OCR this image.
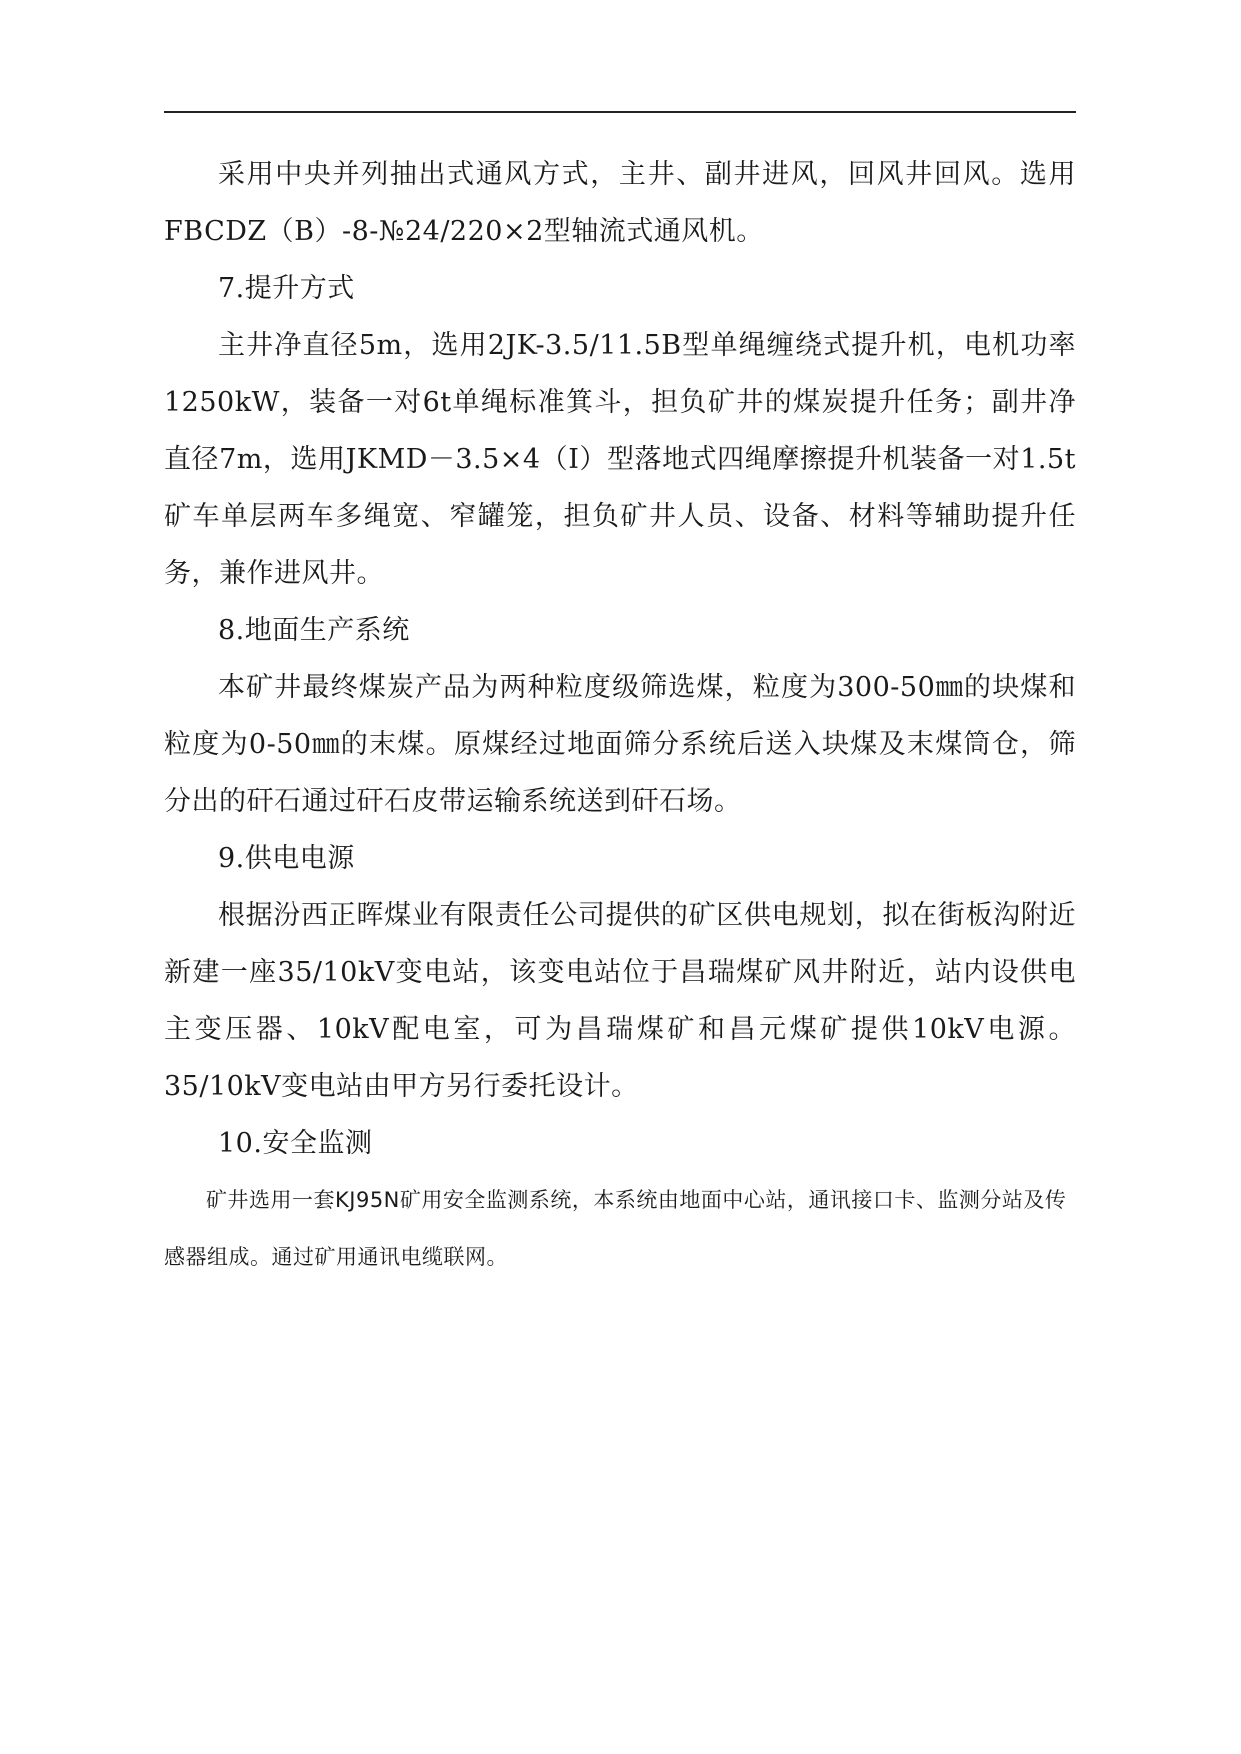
采用中央并列抽出式通风方式，主井、副井进风，回风井回风。选用FBCDZ（B）-8-№24/220×2型轴流式通风机。

7.提升方式

主井净直径5m，选用2JK-3.5/11.5B型单绳缠绕式提升机，电机功率1250kW，装备一对6t单绳标准箕斗，担负矿井的煤炭提升任务；副井净直径7m，选用JKMD－3.5×4（I）型落地式四绳摩擦提升机装备一对1.5t矿车单层两车多绳宽、窄罐笼，担负矿井人员、设备、材料等辅助提升任务，兼作进风井。

8.地面生产系统

本矿井最终煤炭产品为两种粒度级筛选煤，粒度为300-50㎜的块煤和粒度为0-50㎜的末煤。原煤经过地面筛分系统后送入块煤及末煤筒仓，筛分出的矸石通过矸石皮带运输系统送到矸石场。

9.供电电源

根据汾西正晖煤业有限责任公司提供的矿区供电规划，拟在街板沟附近新建一座35/10kV变电站，该变电站位于昌瑞煤矿风井附近，站内设供电主变压器、10kV配电室，可为昌瑞煤矿和昌元煤矿提供10kV电源。35/10kV变电站由甲方另行委托设计。

10.安全监测

矿井选用一套KJ95N矿用安全监测系统，本系统由地面中心站，通讯接口卡、监测分站及传感器组成。通过矿用通讯电缆联网。
